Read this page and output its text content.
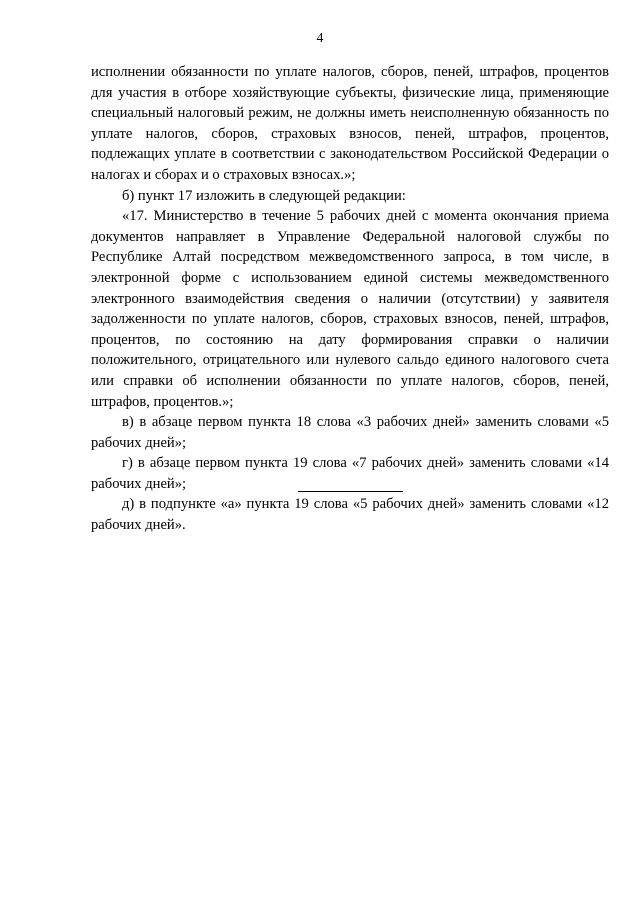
4

исполнении обязанности по уплате налогов, сборов, пеней, штрафов, процентов для участия в отборе хозяйствующие субъекты, физические лица, применяющие специальный налоговый режим, не должны иметь неисполненную обязанность по уплате налогов, сборов, страховых взносов, пеней, штрафов, процентов, подлежащих уплате в соответствии с законодательством Российской Федерации о налогах и сборах и о страховых взносах.»;

б) пункт 17 изложить в следующей редакции:

«17. Министерство в течение 5 рабочих дней с момента окончания приема документов направляет в Управление Федеральной налоговой службы по Республике Алтай посредством межведомственного запроса, в том числе, в электронной форме с использованием единой системы межведомственного электронного взаимодействия сведения о наличии (отсутствии) у заявителя задолженности по уплате налогов, сборов, страховых взносов, пеней, штрафов, процентов, по состоянию на дату формирования справки о наличии положительного, отрицательного или нулевого сальдо единого налогового счета или справки об исполнении обязанности по уплате налогов, сборов, пеней, штрафов, процентов.»;

в) в абзаце первом пункта 18 слова «3 рабочих дней» заменить словами «5 рабочих дней»;

г) в абзаце первом пункта 19 слова «7 рабочих дней» заменить словами «14 рабочих дней»;

д) в подпункте «а» пункта 19 слова «5 рабочих дней» заменить словами «12 рабочих дней».
